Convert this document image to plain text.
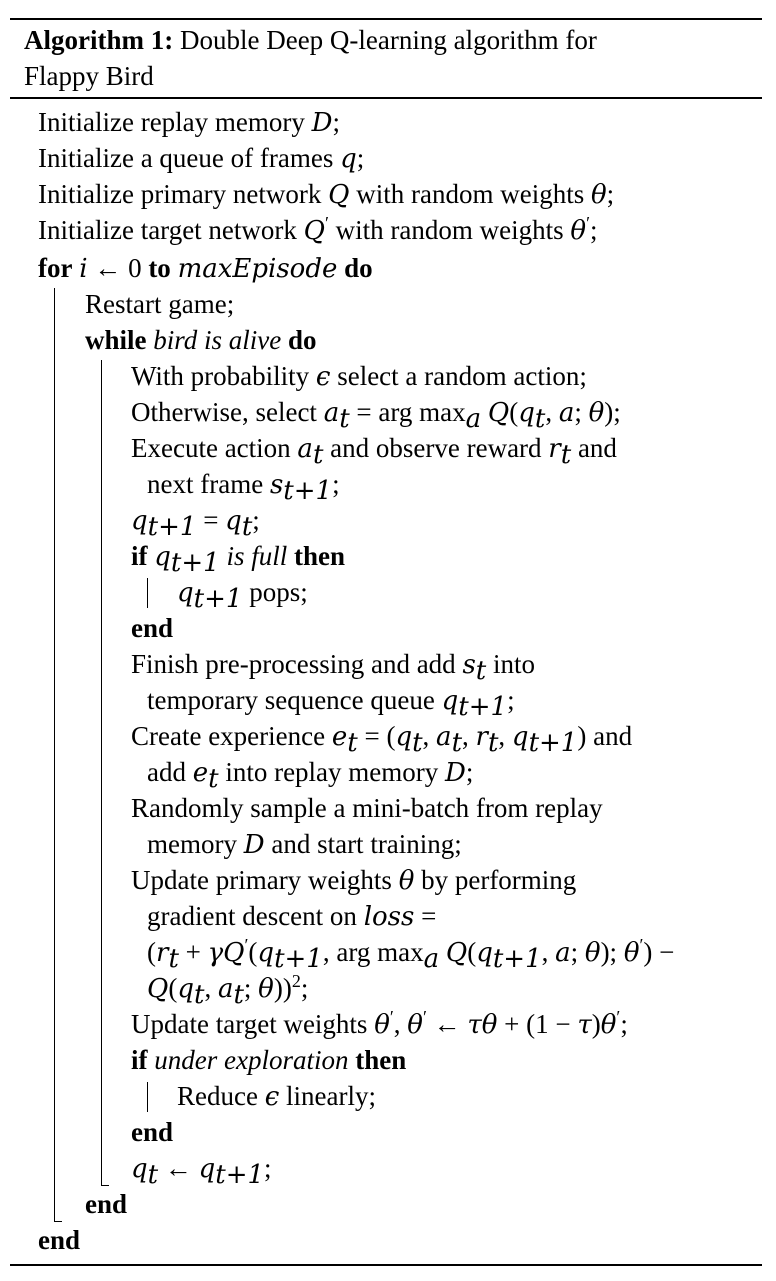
Algorithm 1: Double Deep Q-learning algorithm for
Flappy Bird
Initialize replay memory D;
Initialize a queue of frames q;
Initialize primary network Q with random weights θ;
Initialize target network Q′ with random weights θ′;
for i ← 0 to maxEpisode do
Restart game;
while bird is alive do
With probability ϵ select a random action;
Otherwise, select $a_t$ = arg $\max_a Q(q_t$, a; θ);
Execute action $a_t$ and observe reward $r_t$ and
next frame $s_{t+1}$;
$q_{t+1} = q_t$;
if $q_{t+1}$ is full then
$q_{t+1}$ pops;
end
Finish pre-processing and add $s_t$ into
temporary sequence queue $q_{t+1}$;
Create experience $e_t = (q_t$, $a_t$, $r_t$, $q_{t+1}$) and
add $e_t$ into replay memory D;
Randomly sample a mini-batch from replay
memory D and start training;
Update primary weights θ by performing
gradient descent on loss =
($r_t + \gamma Q'(q_{t+1}$, arg $\max_a Q(q_{t+1}$, a; θ); θ′) −
$Q(q_t$, $a_t$; θ))$^2$;
Update target weights θ′, θ′ ← τθ + (1 − τ)θ′;
if under exploration then
Reduce ϵ linearly;
end
$q_t$ ← $q_{t+1}$;
end
end
